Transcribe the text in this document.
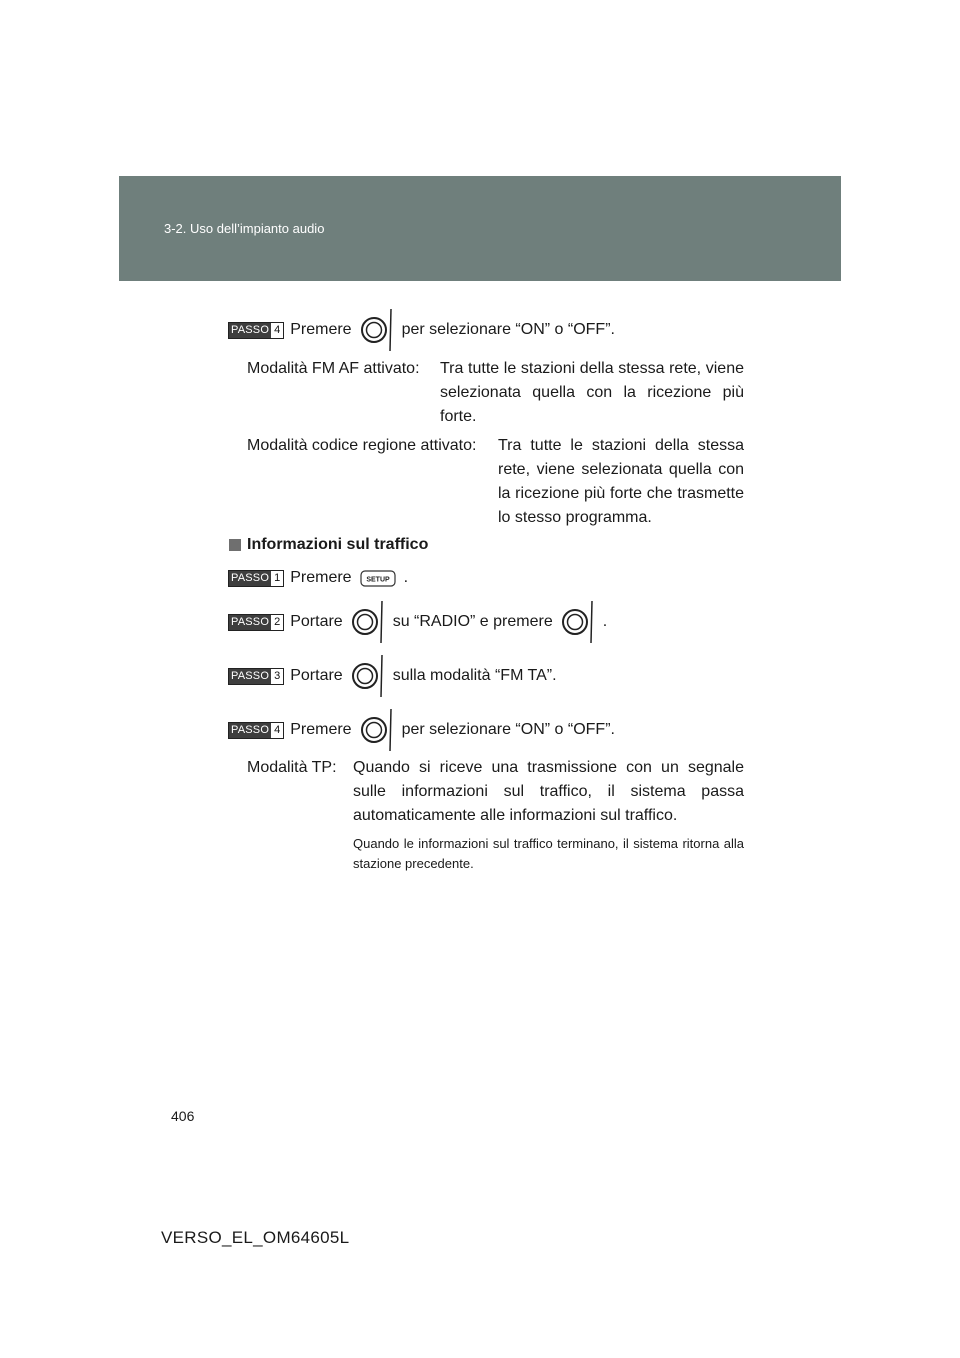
3-2. Uso dell’impianto audio
PASSO 4 Premere	per selezionare “ON” o “OFF”.
Modalità FM AF attivato: Tra tutte le stazioni della stessa rete, viene selezionata quella con la ricezione più forte.
Modalità codice regione attivato: Tra tutte le stazioni della stessa rete, viene selezionata quella con la ricezione più forte che trasmette lo stesso programma.
Informazioni sul traffico
PASSO 1 Premere SETUP .
PASSO 2 Portare	su “RADIO” e premere	.
PASSO 3 Portare	sulla modalità “FM TA”.
PASSO 4 Premere	per selezionare “ON” o “OFF”.
Modalità TP: Quando si riceve una trasmissione con un segnale sulle informazioni sul traffico, il sistema passa automaticamente alle informazioni sul traffico.
Quando le informazioni sul traffico terminano, il sistema ritorna alla stazione precedente.
406
VERSO_EL_OM64605L
